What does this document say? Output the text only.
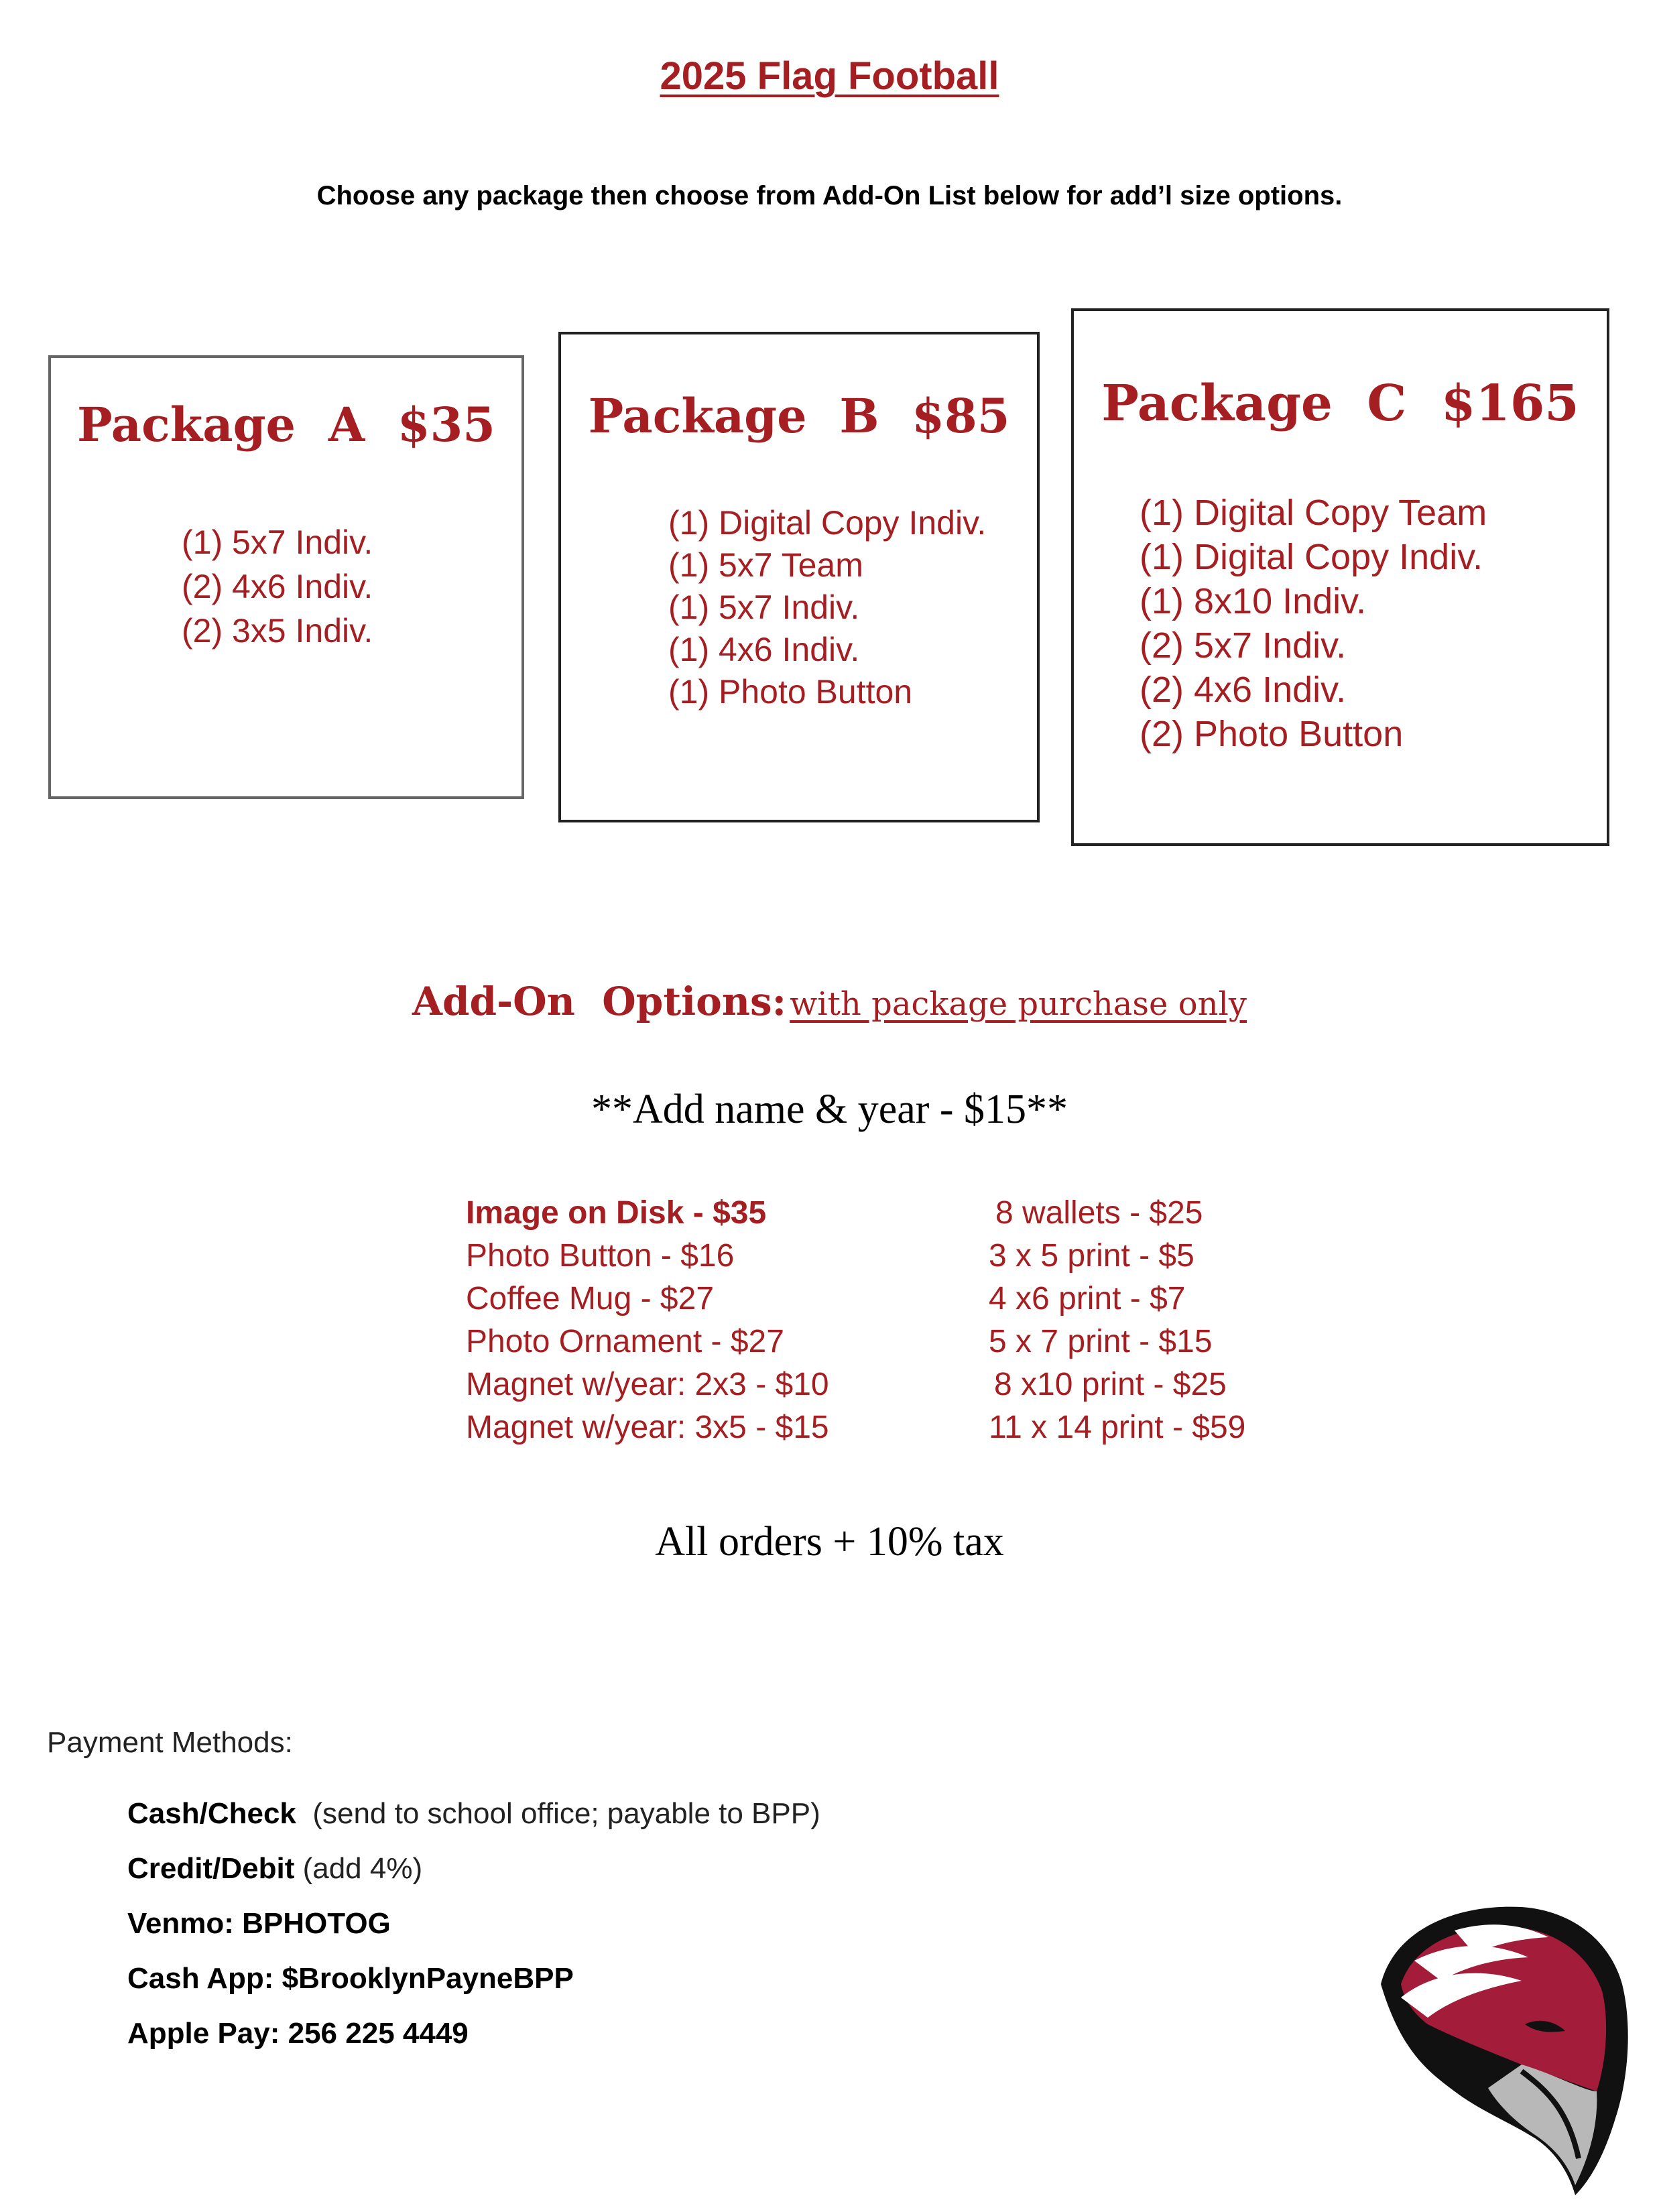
2025 Flag Football
Choose any package then choose from Add-On List below for add’l size options.
Package  A  $35
(1) 5x7 Indiv.
(2) 4x6 Indiv.
(2) 3x5 Indiv.
Package  B  $85
(1) Digital Copy Indiv.
(1) 5x7 Team
(1) 5x7 Indiv.
(1) 4x6 Indiv.
(1) Photo Button
Package  C  $165
(1) Digital Copy Team
(1) Digital Copy Indiv.
(1) 8x10 Indiv.
(2) 5x7 Indiv.
(2) 4x6 Indiv.
(2) Photo Button
Add-On  Options: with package purchase only
**Add name & year - $15**
Image on Disk - $35
Photo Button - $16
Coffee Mug - $27
Photo Ornament - $27
Magnet w/year: 2x3 - $10
Magnet w/year: 3x5 - $15
8 wallets - $25
3 x 5 print - $5
4 x6 print - $7
5 x 7 print - $15
8 x10 print - $25
11 x 14 print - $59
All orders + 10% tax
Payment Methods:
Cash/Check  (send to school office; payable to BPP)
Credit/Debit (add 4%)
Venmo: BPHOTOG
Cash App: $BrooklynPayneBPP
Apple Pay: 256 225 4449
